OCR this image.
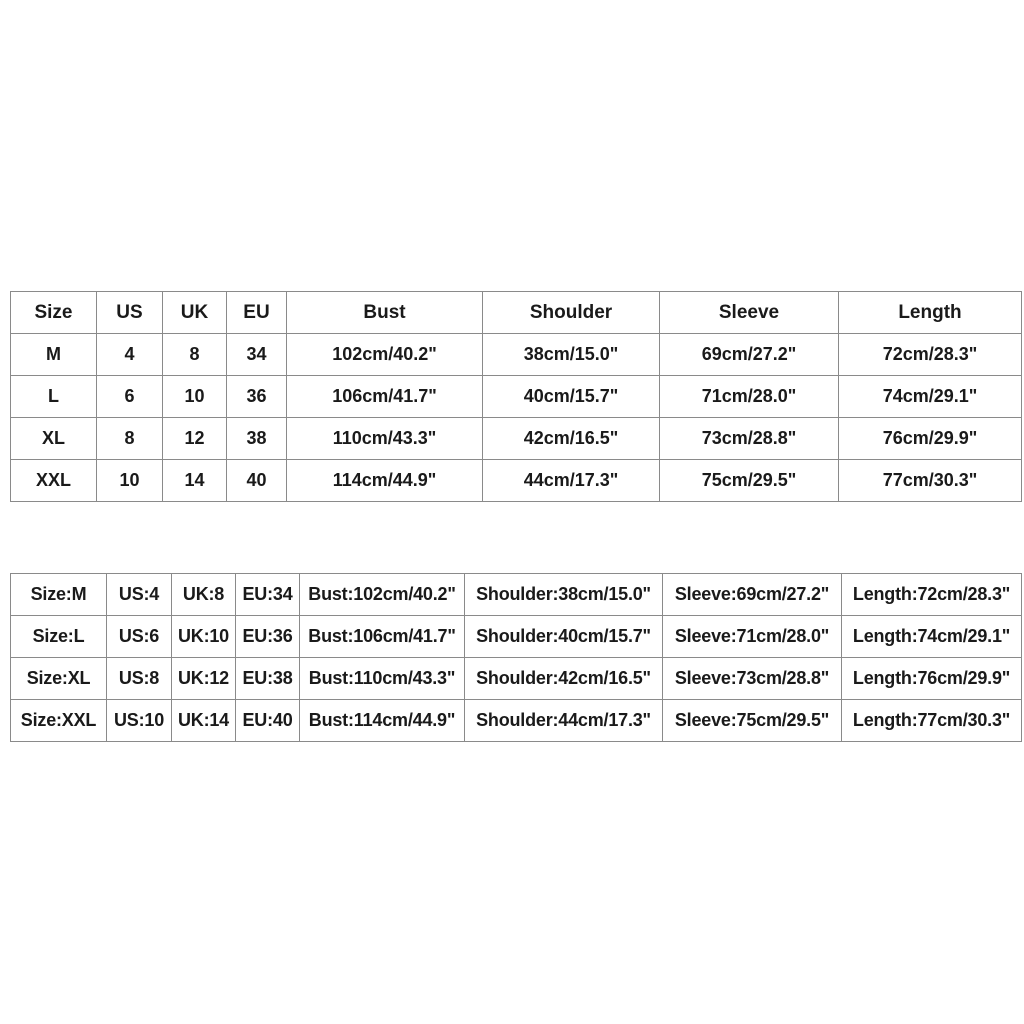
Size	US	UK	EU	Bust	Shoulder	Sleeve	Length
M	4	8	34	102cm/40.2"	38cm/15.0"	69cm/27.2"	72cm/28.3"
L	6	10	36	106cm/41.7"	40cm/15.7"	71cm/28.0"	74cm/29.1"
XL	8	12	38	110cm/43.3"	42cm/16.5"	73cm/28.8"	76cm/29.9"
XXL	10	14	40	114cm/44.9"	44cm/17.3"	75cm/29.5"	77cm/30.3"
Size:M	US:4	UK:8	EU:34	Bust:102cm/40.2"	Shoulder:38cm/15.0"	Sleeve:69cm/27.2"	Length:72cm/28.3"
Size:L	US:6	UK:10	EU:36	Bust:106cm/41.7"	Shoulder:40cm/15.7"	Sleeve:71cm/28.0"	Length:74cm/29.1"
Size:XL	US:8	UK:12	EU:38	Bust:110cm/43.3"	Shoulder:42cm/16.5"	Sleeve:73cm/28.8"	Length:76cm/29.9"
Size:XXL	US:10	UK:14	EU:40	Bust:114cm/44.9"	Shoulder:44cm/17.3"	Sleeve:75cm/29.5"	Length:77cm/30.3"
